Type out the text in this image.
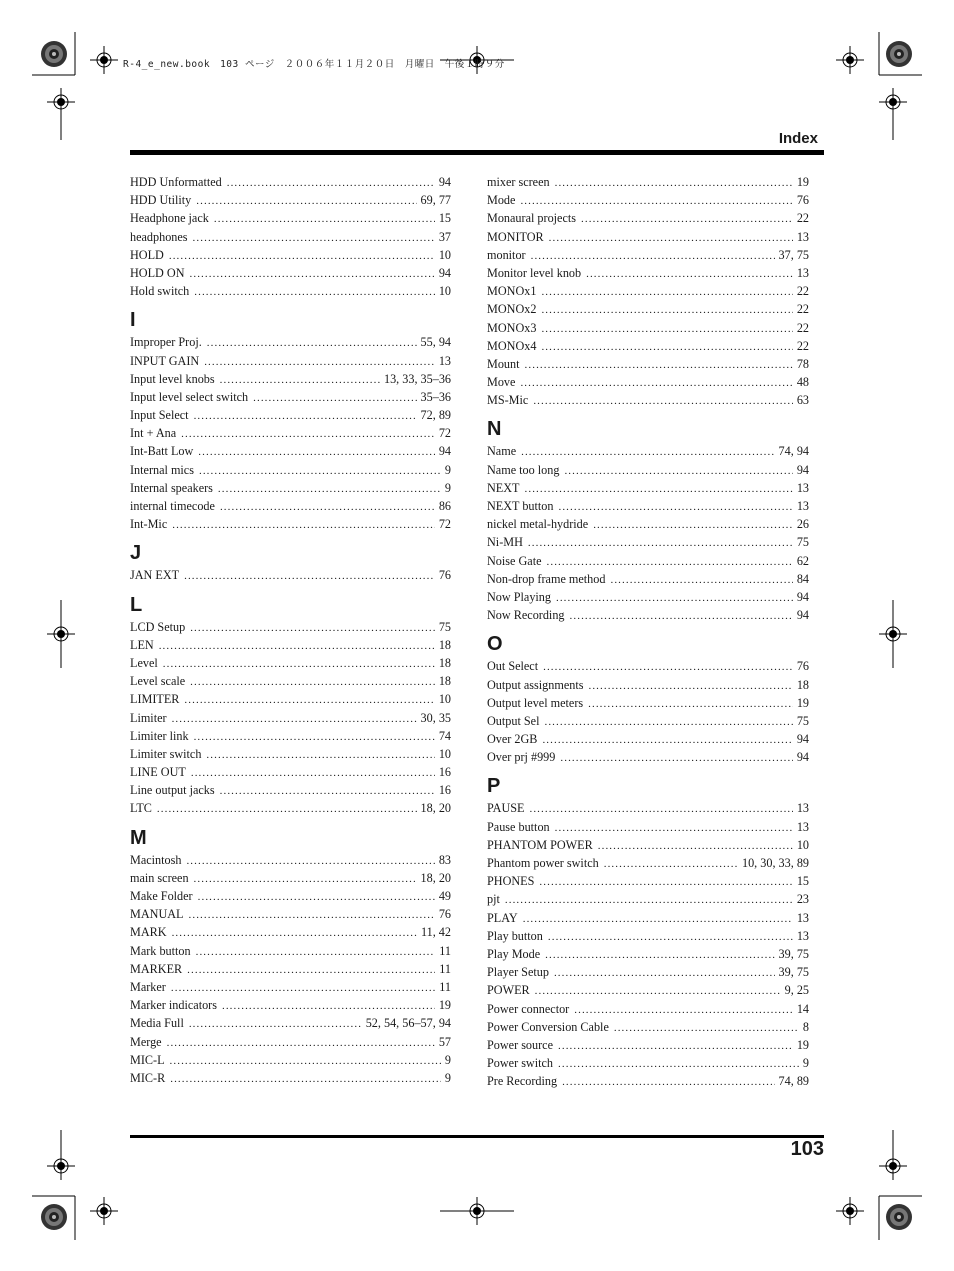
R-4_e_new.book　103 ページ　２００６年１１月２０日　月曜日　午後１時９分
Index
HDD Unformatted .....	94
HDD Utility .....	69, 77
Headphone jack .....	15
headphones .....	37
HOLD .....	10
HOLD ON .....	94
Hold switch .....	10
I
Improper Proj. .....	55, 94
INPUT GAIN .....	13
Input level knobs .....	13, 33, 35–36
Input level select switch .....	35–36
Input Select .....	72, 89
Int + Ana .....	72
Int-Batt Low .....	94
Internal mics .....	9
Internal speakers .....	9
internal timecode .....	86
Int-Mic .....	72
J
JAN EXT .....	76
L
LCD Setup .....	75
LEN .....	18
Level .....	18
Level scale .....	18
LIMITER .....	10
Limiter .....	30, 35
Limiter link .....	74
Limiter switch .....	10
LINE OUT .....	16
Line output jacks .....	16
LTC .....	18, 20
M
Macintosh .....	83
main screen .....	18, 20
Make Folder .....	49
MANUAL .....	76
MARK .....	11, 42
Mark button .....	11
MARKER .....	11
Marker .....	11
Marker indicators .....	19
Media Full .....	52, 54, 56–57, 94
Merge .....	57
MIC-L .....	9
MIC-R .....	9
mixer screen .....	19
Mode .....	76
Monaural projects .....	22
MONITOR .....	13
monitor .....	37, 75
Monitor level knob .....	13
MONOx1 .....	22
MONOx2 .....	22
MONOx3 .....	22
MONOx4 .....	22
Mount .....	78
Move .....	48
MS-Mic .....	63
N
Name .....	74, 94
Name too long .....	94
NEXT .....	13
NEXT button .....	13
nickel metal-hydride .....	26
Ni-MH .....	75
Noise Gate .....	62
Non-drop frame method .....	84
Now Playing .....	94
Now Recording .....	94
O
Out Select .....	76
Output assignments .....	18
Output level meters .....	19
Output Sel .....	75
Over 2GB .....	94
Over prj #999 .....	94
P
PAUSE .....	13
Pause button .....	13
PHANTOM POWER .....	10
Phantom power switch .....	10, 30, 33, 89
PHONES .....	15
pjt .....	23
PLAY .....	13
Play button .....	13
Play Mode .....	39, 75
Player Setup .....	39, 75
POWER .....	9, 25
Power connector .....	14
Power Conversion Cable .....	8
Power source .....	19
Power switch .....	9
Pre Recording .....	74, 89
103
